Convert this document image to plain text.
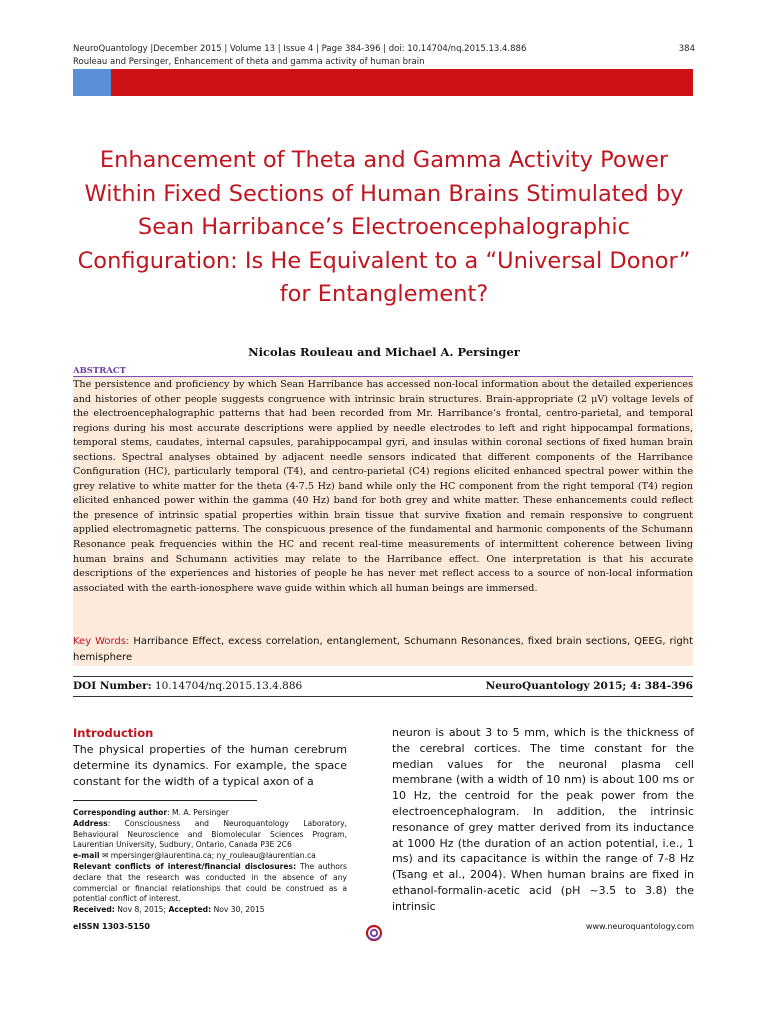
NeuroQuantology |December 2015 | Volume 13 | Issue 4 | Page 384-396 | doi: 10.14704/nq.2015.13.4.886
Rouleau and Persinger, Enhancement of theta and gamma activity of human brain
384
Enhancement of Theta and Gamma Activity Power Within Fixed Sections of Human Brains Stimulated by Sean Harribance’s Electroencephalographic Configuration: Is He Equivalent to a “Universal Donor” for Entanglement?
Nicolas Rouleau and Michael A. Persinger
ABSTRACT
The persistence and proficiency by which Sean Harribance has accessed non-local information about the detailed experiences and histories of other people suggests congruence with intrinsic brain structures. Brain-appropriate (2 μV) voltage levels of the electroencephalographic patterns that had been recorded from Mr. Harribance’s frontal, centro-parietal, and temporal regions during his most accurate descriptions were applied by needle electrodes to left and right hippocampal formations, temporal stems, caudates, internal capsules, parahippocampal gyri, and insulas within coronal sections of fixed human brain sections. Spectral analyses obtained by adjacent needle sensors indicated that different components of the Harribance Configuration (HC), particularly temporal (T4), and centro-parietal (C4) regions elicited enhanced spectral power within the grey relative to white matter for the theta (4-7.5 Hz) band while only the HC component from the right temporal (T4) region elicited enhanced power within the gamma (40 Hz) band for both grey and white matter. These enhancements could reflect the presence of intrinsic spatial properties within brain tissue that survive fixation and remain responsive to congruent applied electromagnetic patterns. The conspicuous presence of the fundamental and harmonic components of the Schumann Resonance peak frequencies within the HC and recent real-time measurements of intermittent coherence between living human brains and Schumann activities may relate to the Harribance effect. One interpretation is that his accurate descriptions of the experiences and histories of people he has never met reflect access to a source of non-local information associated with the earth-ionosphere wave guide within which all human beings are immersed.
Key Words: Harribance Effect, excess correlation, entanglement, Schumann Resonances, fixed brain sections, QEEG, right hemisphere
DOI Number: 10.14704/nq.2015.13.4.886	NeuroQuantology 2015; 4: 384-396
Introduction
The physical properties of the human cerebrum determine its dynamics. For example, the space constant for the width of a typical axon of a

Corresponding author: M. A. Persinger

Address: Consciousness and Neuroquantology Laboratory, Behavioural Neuroscience and Biomolecular Sciences Program, Laurentian University, Sudbury, Ontario, Canada P3E 2C6

e-mail ✉ mpersinger@laurentina.ca; ny_rouleau@laurentian.ca

Relevant conflicts of interest/financial disclosures: The authors declare that the research was conducted in the absence of any commercial or financial relationships that could be construed as a potential conflict of interest.

Received: Nov 8, 2015; Accepted: Nov 30, 2015

neuron is about 3 to 5 mm, which is the thickness of the cerebral cortices. The time constant for the median values for the neuronal plasma cell membrane (with a width of 10 nm) is about 100 ms or 10 Hz, the centroid for the peak power from the electroencephalogram. In addition, the intrinsic resonance of grey matter derived from its inductance at 1000 Hz (the duration of an action potential, i.e., 1 ms) and its capacitance is within the range of 7-8 Hz (Tsang et al., 2004). When human brains are fixed in ethanol-formalin-acetic acid (pH ~3.5 to 3.8) the intrinsic
eISSN 1303-5150	www.neuroquantology.com
